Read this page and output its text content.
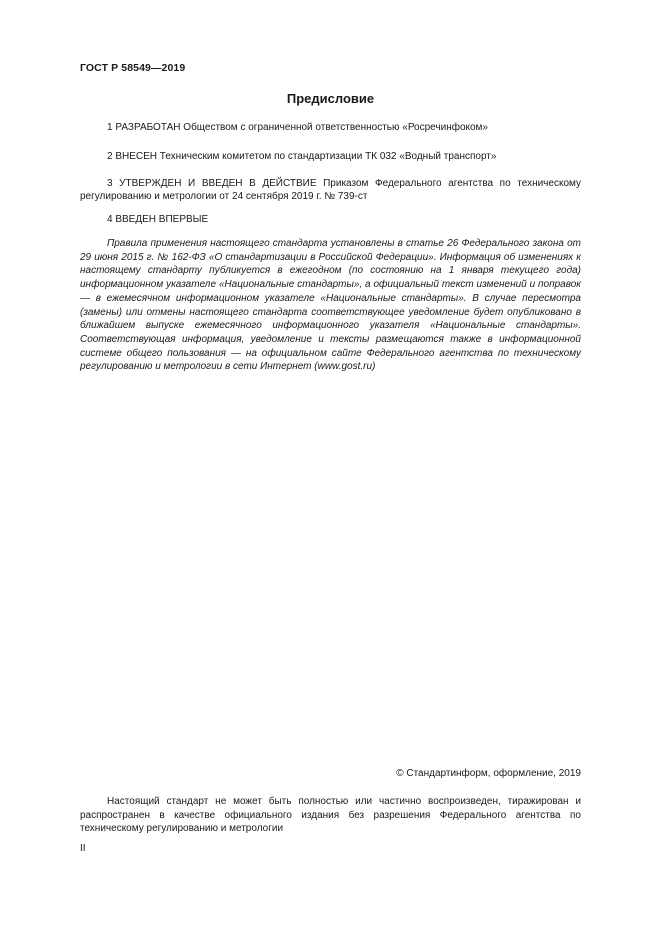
ГОСТ Р 58549—2019
Предисловие
1 РАЗРАБОТАН Обществом с ограниченной ответственностью «Росречинфоком»
2 ВНЕСЕН Техническим комитетом по стандартизации ТК 032 «Водный транспорт»
3 УТВЕРЖДЕН И ВВЕДЕН В ДЕЙСТВИЕ Приказом Федерального агентства по техническому регулированию и метрологии от 24 сентября 2019 г. № 739-ст
4 ВВЕДЕН ВПЕРВЫЕ
Правила применения настоящего стандарта установлены в статье 26 Федерального закона от 29 июня 2015 г. № 162-ФЗ «О стандартизации в Российской Федерации». Информация об изменениях к настоящему стандарту публикуется в ежегодном (по состоянию на 1 января текущего года) информационном указателе «Национальные стандарты», а официальный текст изменений и поправок — в ежемесячном информационном указателе «Национальные стандарты». В случае пересмотра (замены) или отмены настоящего стандарта соответствующее уведомление будет опубликовано в ближайшем выпуске ежемесячного информационного указателя «Национальные стандарты». Соответствующая информация, уведомление и тексты размещаются также в информационной системе общего пользования — на официальном сайте Федерального агентства по техническому регулированию и метрологии в сети Интернет (www.gost.ru)
© Стандартинформ, оформление, 2019
Настоящий стандарт не может быть полностью или частично воспроизведен, тиражирован и распространен в качестве официального издания без разрешения Федерального агентства по техническому регулированию и метрологии
II
